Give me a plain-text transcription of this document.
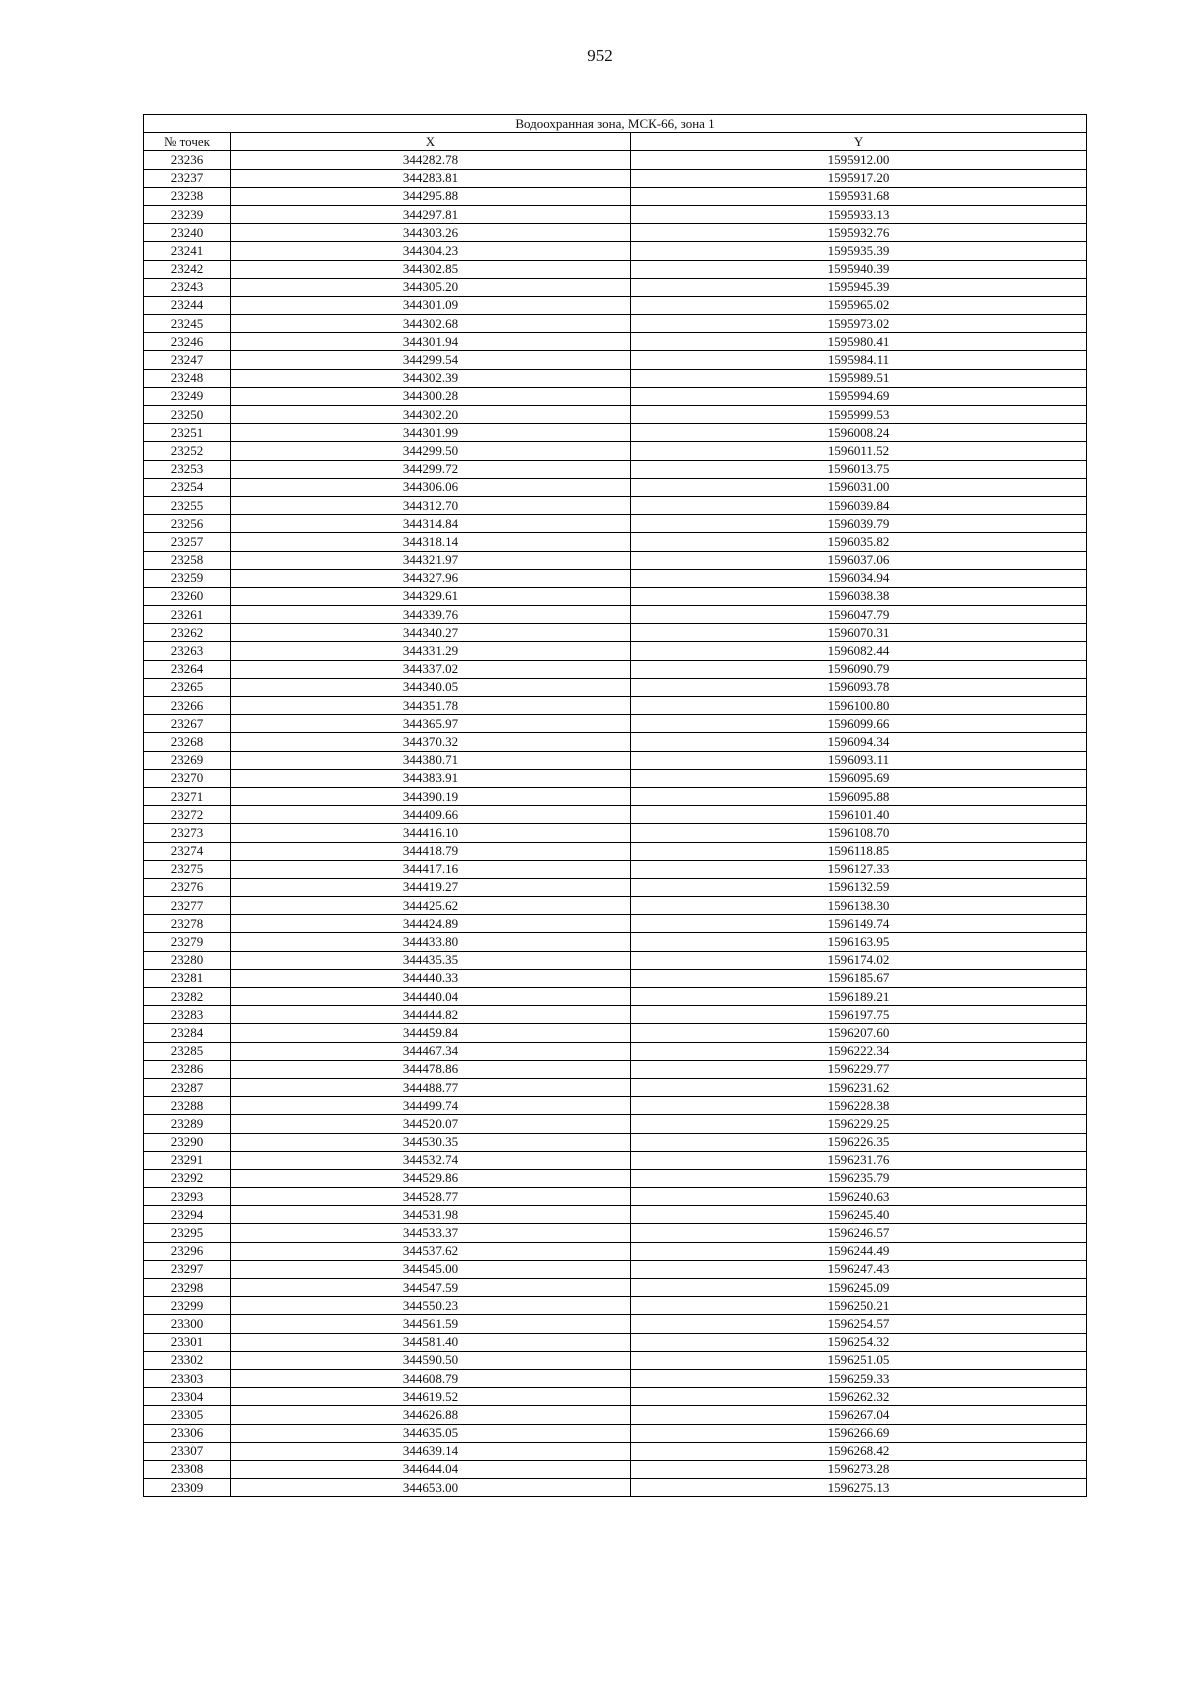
952
Водоохранная зона, МСК-66, зона 1		
№ точек	X	Y
23236	344282.78	1595912.00
23237	344283.81	1595917.20
23238	344295.88	1595931.68
23239	344297.81	1595933.13
23240	344303.26	1595932.76
23241	344304.23	1595935.39
23242	344302.85	1595940.39
23243	344305.20	1595945.39
23244	344301.09	1595965.02
23245	344302.68	1595973.02
23246	344301.94	1595980.41
23247	344299.54	1595984.11
23248	344302.39	1595989.51
23249	344300.28	1595994.69
23250	344302.20	1595999.53
23251	344301.99	1596008.24
23252	344299.50	1596011.52
23253	344299.72	1596013.75
23254	344306.06	1596031.00
23255	344312.70	1596039.84
23256	344314.84	1596039.79
23257	344318.14	1596035.82
23258	344321.97	1596037.06
23259	344327.96	1596034.94
23260	344329.61	1596038.38
23261	344339.76	1596047.79
23262	344340.27	1596070.31
23263	344331.29	1596082.44
23264	344337.02	1596090.79
23265	344340.05	1596093.78
23266	344351.78	1596100.80
23267	344365.97	1596099.66
23268	344370.32	1596094.34
23269	344380.71	1596093.11
23270	344383.91	1596095.69
23271	344390.19	1596095.88
23272	344409.66	1596101.40
23273	344416.10	1596108.70
23274	344418.79	1596118.85
23275	344417.16	1596127.33
23276	344419.27	1596132.59
23277	344425.62	1596138.30
23278	344424.89	1596149.74
23279	344433.80	1596163.95
23280	344435.35	1596174.02
23281	344440.33	1596185.67
23282	344440.04	1596189.21
23283	344444.82	1596197.75
23284	344459.84	1596207.60
23285	344467.34	1596222.34
23286	344478.86	1596229.77
23287	344488.77	1596231.62
23288	344499.74	1596228.38
23289	344520.07	1596229.25
23290	344530.35	1596226.35
23291	344532.74	1596231.76
23292	344529.86	1596235.79
23293	344528.77	1596240.63
23294	344531.98	1596245.40
23295	344533.37	1596246.57
23296	344537.62	1596244.49
23297	344545.00	1596247.43
23298	344547.59	1596245.09
23299	344550.23	1596250.21
23300	344561.59	1596254.57
23301	344581.40	1596254.32
23302	344590.50	1596251.05
23303	344608.79	1596259.33
23304	344619.52	1596262.32
23305	344626.88	1596267.04
23306	344635.05	1596266.69
23307	344639.14	1596268.42
23308	344644.04	1596273.28
23309	344653.00	1596275.13
